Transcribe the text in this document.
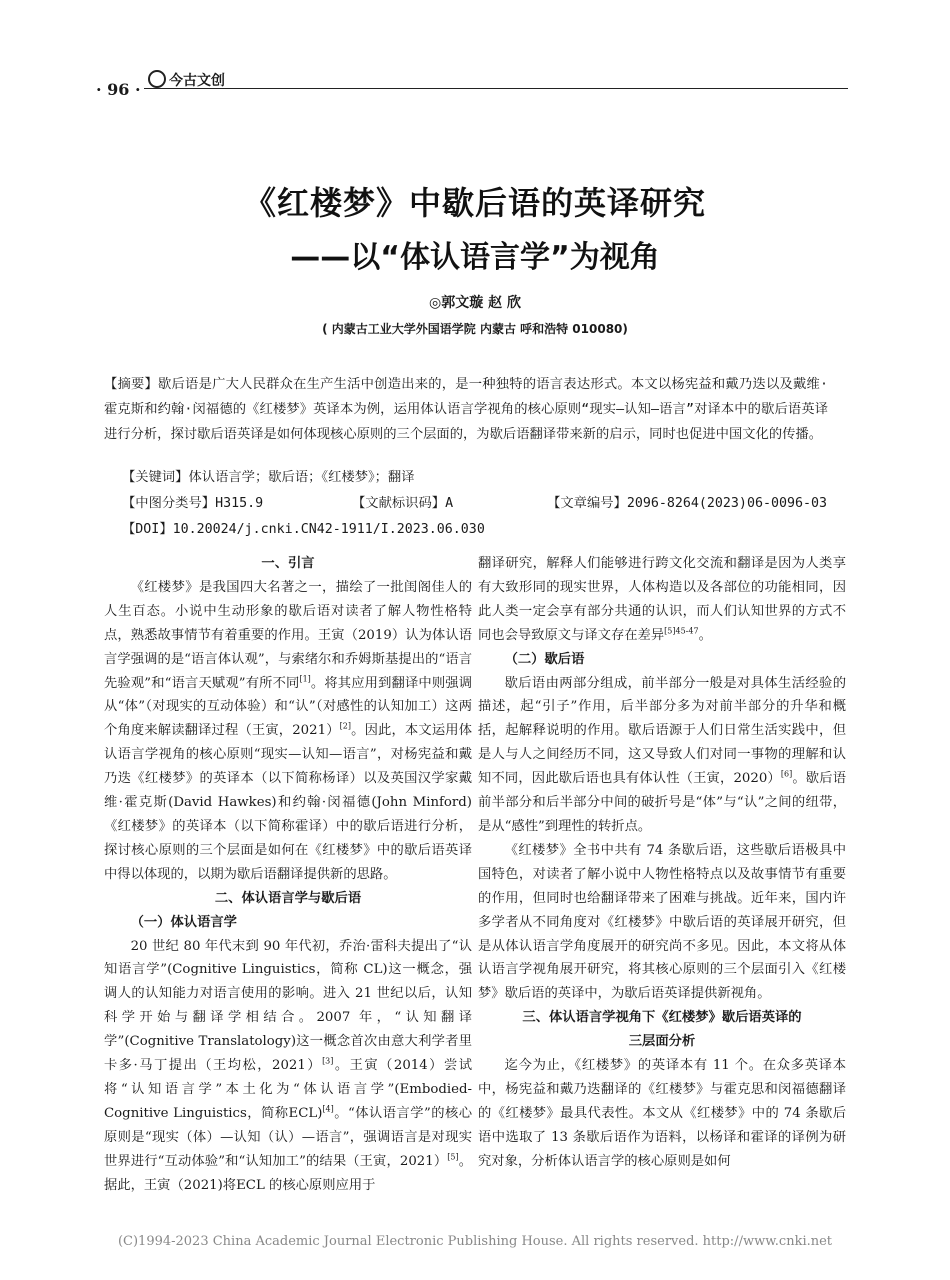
· 96 ·	今古文创
《红楼梦》中歇后语的英译研究
——以“体认语言学”为视角
◎郭文璇 赵 欣
( 内蒙古工业大学外国语学院 内蒙古 呼和浩特 010080)
【摘要】歇后语是广大人民群众在生产生活中创造出来的，是一种独特的语言表达形式。本文以杨宪益和戴乃迭以及戴维·霍克斯和约翰·闵福德的《红楼梦》英译本为例，运用体认语言学视角的核心原则“现实—认知—语言”对译本中的歇后语英译进行分析，探讨歇后语英译是如何体现核心原则的三个层面的，为歇后语翻译带来新的启示，同时也促进中国文化的传播。
【关键词】体认语言学；歇后语；《红楼梦》；翻译
【中图分类号】H315.9	【文献标识码】A	【文章编号】2096-8264(2023)06-0096-03
【DOI】10.20024/j.cnki.CN42-1911/I.2023.06.030
一、引言

《红楼梦》是我国四大名著之一，描绘了一批闺阁佳人的人生百态。小说中生动形象的歇后语对读者了解人物性格特点，熟悉故事情节有着重要的作用。王寅（2019）认为体认语言学强调的是“语言体认观”，与索绪尔和乔姆斯基提出的“语言先验观”和“语言天赋观”有所不同[1]。将其应用到翻译中则强调从“体”（对现实的互动体验）和“认”（对感性的认知加工）这两个角度来解读翻译过程（王寅，2021）[2]。因此，本文运用体认语言学视角的核心原则“现实—认知—语言”，对杨宪益和戴乃迭《红楼梦》的英译本（以下简称杨译）以及英国汉学家戴维·霍克斯(David Hawkes)和约翰·闵福德(John Minford)《红楼梦》的英译本（以下简称霍译）中的歇后语进行分析，探讨核心原则的三个层面是如何在《红楼梦》中的歇后语英译中得以体现的，以期为歇后语翻译提供新的思路。

二、体认语言学与歇后语
（一）体认语言学

20 世纪 80 年代末到 90 年代初，乔治·雷科夫提出了“认知语言学”(Cognitive Linguistics，简称 CL)这一概念，强调人的认知能力对语言使用的影响。进入 21 世纪以后，认知科学开始与翻译学相结合。2007 年，“认知翻译学”(Cognitive Translatology)这一概念首次由意大利学者里卡多·马丁提出（王均松，2021）[3]。王寅（2014）尝试将“认知语言学”本土化为“体认语言学”(Embodied-Cognitive Linguistics，简称ECL)[4]。“体认语言学”的核心原则是“现实（体）—认知（认）—语言”，强调语言是对现实世界进行“互动体验”和“认知加工”的结果（王寅，2021）[5]。据此，王寅（2021)将ECL 的核心原则应用于

翻译研究，解释人们能够进行跨文化交流和翻译是因为人类享有大致形同的现实世界，人体构造以及各部位的功能相同，因此人类一定会享有部分共通的认识，而人们认知世界的方式不同也会导致原文与译文存在差异$^{[5]45-47}$。

（二）歇后语

歇后语由两部分组成，前半部分一般是对具体生活经验的描述，起“引子”作用，后半部分多为对前半部分的升华和概括，起解释说明的作用。歇后语源于人们日常生活实践中，但是人与人之间经历不同，这又导致人们对同一事物的理解和认知不同，因此歇后语也具有体认性（王寅，2020）[6]。歇后语前半部分和后半部分中间的破折号是“体”与“认”之间的纽带，是从“感性”到理性的转折点。

《红楼梦》全书中共有 74 条歇后语，这些歇后语极具中国特色，对读者了解小说中人物性格特点以及故事情节有重要的作用，但同时也给翻译带来了困难与挑战。近年来，国内许多学者从不同角度对《红楼梦》中歇后语的英译展开研究，但是从体认语言学角度展开的研究尚不多见。因此，本文将从体认语言学视角展开研究，将其核心原则的三个层面引入《红楼梦》歇后语的英译中，为歇后语英译提供新视角。

三、体认语言学视角下《红楼梦》歇后语英译的
三层面分析

迄今为止，《红楼梦》的英译本有 11 个。在众多英译本中，杨宪益和戴乃迭翻译的《红楼梦》与霍克思和闵福德翻译的《红楼梦》最具代表性。本文从《红楼梦》中的 74 条歇后语中选取了 13 条歇后语作为语料，以杨译和霍译的译例为研究对象，分析体认语言学的核心原则是如何

(C)1994-2023 China Academic Journal Electronic Publishing House. All rights reserved. http://www.cnki.net
